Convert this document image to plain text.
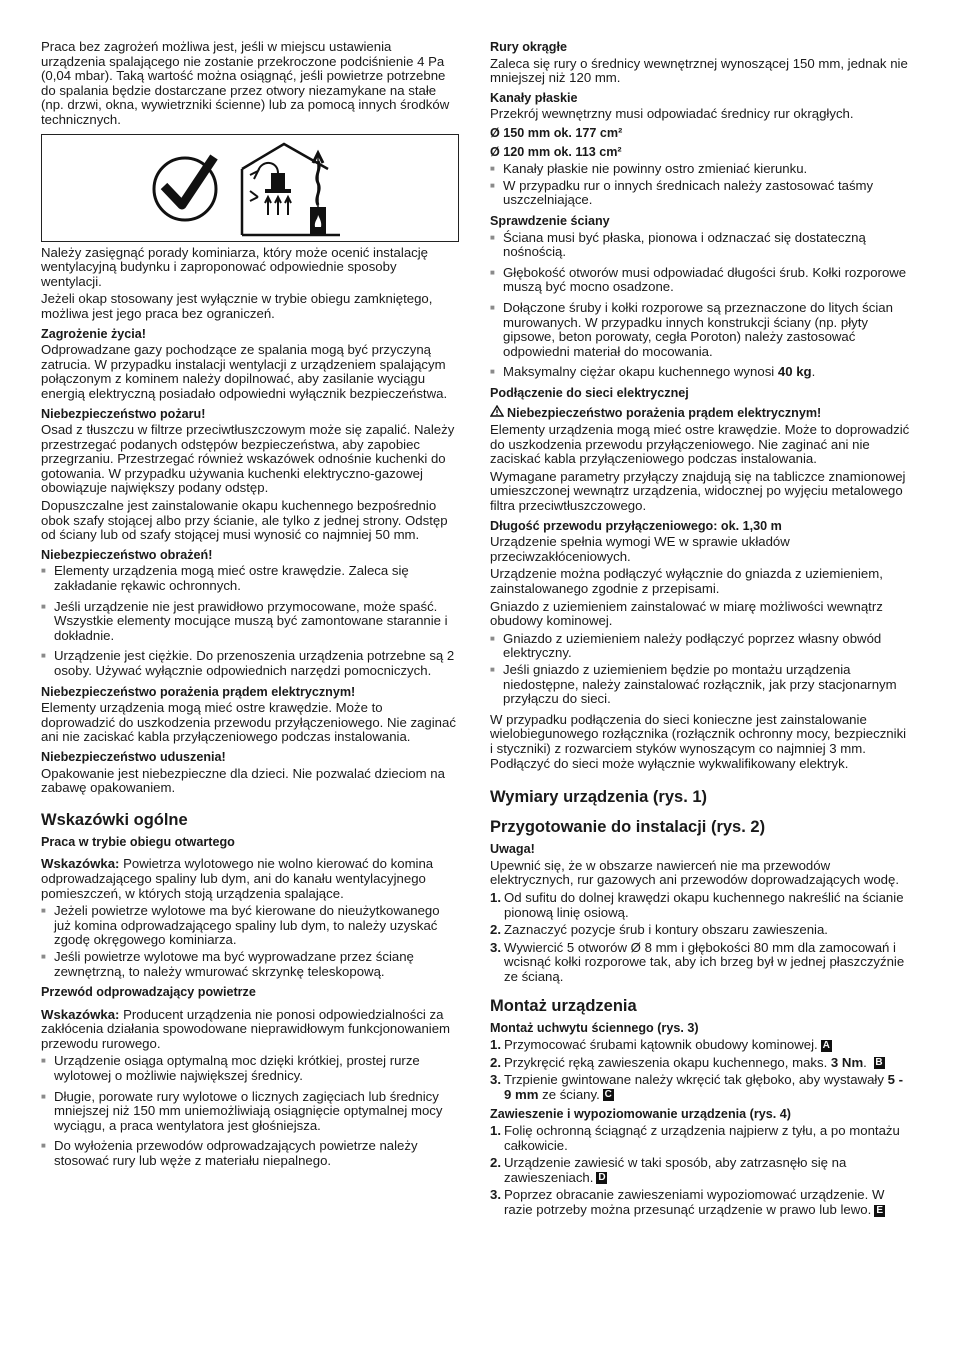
Praca bez zagrożeń możliwa jest, jeśli w miejscu ustawienia urządzenia spalającego nie zostanie przekroczone podciśnienie 4 Pa (0,04 mbar). Taką wartość można osiągnąć, jeśli powietrze potrzebne do spalania będzie dostarczane przez otwory niezamykane na stałe (np. drzwi, okna, wywietrzniki ścienne) lub za pomocą innych środków technicznych.

Należy zasięgnąć porady kominiarza, który może ocenić instalację wentylacyjną budynku i zaproponować odpowiednie sposoby wentylacji.

Jeżeli okap stosowany jest wyłącznie w trybie obiegu zamkniętego, możliwa jest jego praca bez ograniczeń.

Zagrożenie życia!

Odprowadzane gazy pochodzące ze spalania mogą być przyczyną zatrucia. W przypadku instalacji wentylacji z urządzeniem spalającym połączonym z kominem należy dopilnować, aby zasilanie wyciągu energią elektryczną posiadało odpowiedni wyłącznik bezpieczeństwa.

Niebezpieczeństwo pożaru!

Osad z tłuszczu w filtrze przeciwtłuszczowym może się zapalić. Należy przestrzegać podanych odstępów bezpieczeństwa, aby zapobiec przegrzaniu. Przestrzegać również wskazówek odnośnie kuchenki do gotowania. W przypadku używania kuchenki elektryczno-gazowej obowiązuje największy podany odstęp.

Dopuszczalne jest zainstalowanie okapu kuchennego bezpośrednio obok szafy stojącej albo przy ścianie, ale tylko z jednej strony. Odstęp od ściany lub od szafy stojącej musi wynosić co najmniej 50 mm.

Niebezpieczeństwo obrażeń!
■ Elementy urządzenia mogą mieć ostre krawędzie. Zaleca się zakładanie rękawic ochronnych.
■ Jeśli urządzenie nie jest prawidłowo przymocowane, może spaść. Wszystkie elementy mocujące muszą być zamontowane starannie i dokładnie.
■ Urządzenie jest ciężkie. Do przenoszenia urządzenia potrzebne są 2 osoby. Używać wyłącznie odpowiednich narzędzi pomocniczych.
Niebezpieczeństwo porażenia prądem elektrycznym!

Elementy urządzenia mogą mieć ostre krawędzie. Może to doprowadzić do uszkodzenia przewodu przyłączeniowego. Nie zaginać ani nie zaciskać kabla przyłączeniowego podczas instalowania.

Niebezpieczeństwo uduszenia!

Opakowanie jest niebezpieczne dla dzieci. Nie pozwalać dzieciom na zabawę opakowaniem.

Wskazówki ogólne
Praca w trybie obiegu otwartego

Wskazówka: Powietrza wylotowego nie wolno kierować do komina odprowadzającego spaliny lub dym, ani do kanału wentylacyjnego pomieszczeń, w których stoją urządzenia spalające.

■ Jeżeli powietrze wylotowe ma być kierowane do nieużytkowanego już komina odprowadzającego spaliny lub dym, to należy uzyskać zgodę okręgowego kominiarza.
■ Jeśli powietrze wylotowe ma być wyprowadzane przez ścianę zewnętrzną, to należy wmurować skrzynkę teleskopową.
Przewód odprowadzający powietrze

Wskazówka: Producent urządzenia nie ponosi odpowiedzialności za zakłócenia działania spowodowane nieprawidłowym funkcjonowaniem przewodu rurowego.

■ Urządzenie osiąga optymalną moc dzięki krótkiej, prostej rurze wylotowej o możliwie największej średnicy.
■ Długie, porowate rury wylotowe o licznych zagięciach lub średnicy mniejszej niż 150 mm uniemożliwiają osiągnięcie optymalnej mocy wyciągu, a praca wentylatora jest głośniejsza.
■ Do wyłożenia przewodów odprowadzających powietrze należy stosować rury lub węże z materiału niepalnego.
Rury okrągłe

Zaleca się rury o średnicy wewnętrznej wynoszącej 150 mm, jednak nie mniejszej niż 120 mm.

Kanały płaskie

Przekrój wewnętrzny musi odpowiadać średnicy rur okrągłych.

Ø 150 mm ok. 177 cm²
Ø 120 mm ok. 113 cm²
■ Kanały płaskie nie powinny ostro zmieniać kierunku.
■ W przypadku rur o innych średnicach należy zastosować taśmy uszczelniające.
Sprawdzenie ściany
■ Ściana musi być płaska, pionowa i odznaczać się dostateczną nośnością.
■ Głębokość otworów musi odpowiadać długości śrub. Kołki rozporowe muszą być mocno osadzone.
■ Dołączone śruby i kołki rozporowe są przeznaczone do litych ścian murowanych. W przypadku innych konstrukcji ściany (np. płyty gipsowe, beton porowaty, cegła Poroton) należy zastosować odpowiedni materiał do mocowania.
■ Maksymalny ciężar okapu kuchennego wynosi 40 kg.
Podłączenie do sieci elektrycznej
Niebezpieczeństwo porażenia prądem elektrycznym!

Elementy urządzenia mogą mieć ostre krawędzie. Może to doprowadzić do uszkodzenia przewodu przyłączeniowego. Nie zaginać ani nie zaciskać kabla przyłączeniowego podczas instalowania.

Wymagane parametry przyłączy znajdują się na tabliczce znamionowej umieszczonej wewnątrz urządzenia, widocznej po wyjęciu metalowego filtra przeciwtłuszczowego.

Długość przewodu przyłączeniowego: ok. 1,30 m

Urządzenie spełnia wymogi WE w sprawie układów przeciwzakłóceniowych.

Urządzenie można podłączyć wyłącznie do gniazda z uziemieniem, zainstalowanego zgodnie z przepisami.

Gniazdo z uziemieniem zainstalować w miarę możliwości wewnątrz obudowy kominowej.

■ Gniazdo z uziemieniem należy podłączyć poprzez własny obwód elektryczny.
■ Jeśli gniazdo z uziemieniem będzie po montażu urządzenia niedostępne, należy zainstalować rozłącznik, jak przy stacjonarnym przyłączu do sieci.

W przypadku podłączenia do sieci konieczne jest zainstalowanie wielobiegunowego rozłącznika (rozłącznik ochronny mocy, bezpieczniki i styczniki) z rozwarciem styków wynoszącym co najmniej 3 mm. Podłączyć do sieci może wyłącznie wykwalifikowany elektryk.

Wymiary urządzenia (rys. 1)
Przygotowanie do instalacji (rys. 2)
Uwaga!

Upewnić się, że w obszarze nawierceń nie ma przewodów elektrycznych, rur gazowych ani przewodów doprowadzających wodę.

1. Od sufitu do dolnej krawędzi okapu kuchennego nakreślić na ścianie pionową linię osiową.
2. Zaznaczyć pozycje śrub i kontury obszaru zawieszenia.
3. Wywiercić 5 otworów Ø 8 mm i głębokości 80 mm dla zamocowań i wcisnąć kołki rozporowe tak, aby ich brzeg był w jednej płaszczyźnie ze ścianą.
Montaż urządzenia
Montaż uchwytu ściennego (rys. 3)
1. Przymocować śrubami kątownik obudowy kominowej. A
2. Przykręcić ręką zawieszenia okapu kuchennego, maks. 3 Nm. B
3. Trzpienie gwintowane należy wkręcić tak głęboko, aby wystawały 5 - 9 mm ze ściany. C
Zawieszenie i wypoziomowanie urządzenia (rys. 4)
1. Folię ochronną ściągnąć z urządzenia najpierw z tyłu, a po montażu całkowicie.
2. Urządzenie zawiesić w taki sposób, aby zatrzasnęło się na zawieszeniach. D
3. Poprzez obracanie zawieszeniami wypoziomować urządzenie. W razie potrzeby można przesunąć urządzenie w prawo lub lewo. E
